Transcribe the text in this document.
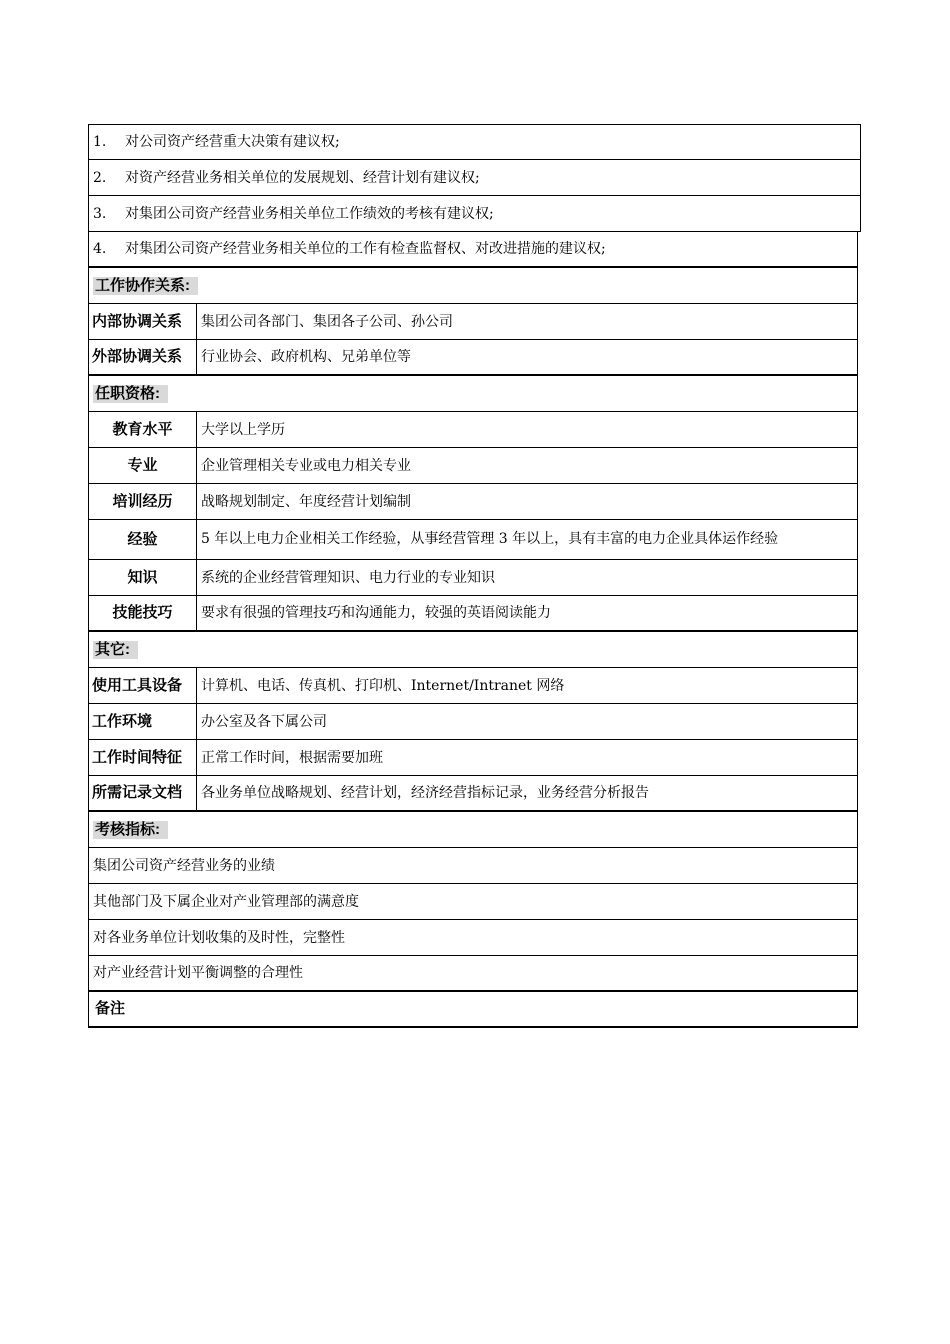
1.	对公司资产经营重大决策有建议权;
2.	对资产经营业务相关单位的发展规划、经营计划有建议权;
3.	对集团公司资产经营业务相关单位工作绩效的考核有建议权;
4.	对集团公司资产经营业务相关单位的工作有检查监督权、对改进措施的建议权;
工作协作关系:
内部协调关系	集团公司各部门、集团各子公司、孙公司
外部协调关系	行业协会、政府机构、兄弟单位等
任职资格:
教育水平	大学以上学历
专业	企业管理相关专业或电力相关专业
培训经历	战略规划制定、年度经营计划编制
经验	5 年以上电力企业相关工作经验，从事经营管理 3 年以上，具有丰富的电力企业具体运作经验
知识	系统的企业经营管理知识、电力行业的专业知识
技能技巧	要求有很强的管理技巧和沟通能力，较强的英语阅读能力
其它:
使用工具设备	计算机、电话、传真机、打印机、Internet/Intranet 网络
工作环境	办公室及各下属公司
工作时间特征	正常工作时间，根据需要加班
所需记录文档	各业务单位战略规划、经营计划，经济经营指标记录，业务经营分析报告
考核指标:
集团公司资产经营业务的业绩
其他部门及下属企业对产业管理部的满意度
对各业务单位计划收集的及时性，完整性
对产业经营计划平衡调整的合理性
备注
